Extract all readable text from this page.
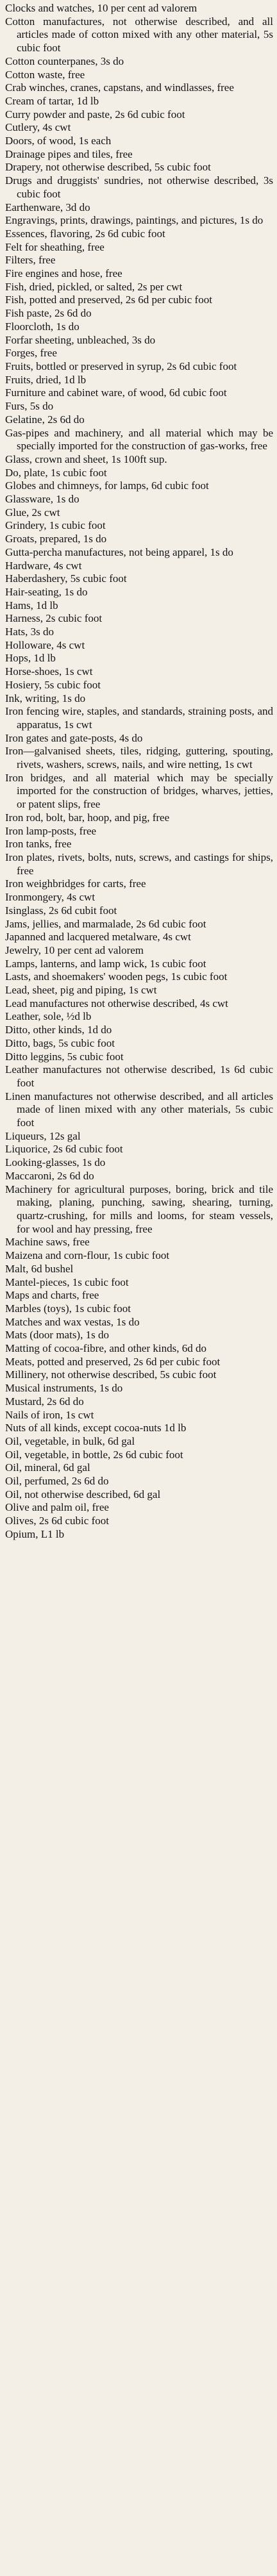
Clocks and watches, 10 per cent ad valorem

Cotton manufactures, not otherwise described, and all articles made of cotton mixed with any other material, 5s cubic foot

Cotton counterpanes, 3s do

Cotton waste, free

Crab winches, cranes, capstans, and windlasses, free

Cream of tartar, 1d lb

Curry powder and paste, 2s 6d cubic foot

Cutlery, 4s cwt

Doors, of wood, 1s each

Drainage pipes and tiles, free

Drapery, not otherwise described, 5s cubic foot

Drugs and druggists' sundries, not otherwise described, 3s cubic foot

Earthenware, 3d do

Engravings, prints, drawings, paintings, and pictures, 1s do

Essences, flavoring, 2s 6d cubic foot

Felt for sheathing, free

Filters, free

Fire engines and hose, free

Fish, dried, pickled, or salted, 2s per cwt

Fish, potted and preserved, 2s 6d per cubic foot

Fish paste, 2s 6d do

Floorcloth, 1s do

Forfar sheeting, unbleached, 3s do

Forges, free

Fruits, bottled or preserved in syrup, 2s 6d cubic foot

Fruits, dried, 1d lb

Furniture and cabinet ware, of wood, 6d cubic foot

Furs, 5s do

Gelatine, 2s 6d do

Gas-pipes and machinery, and all material which may be specially imported for the construction of gas-works, free

Glass, crown and sheet, 1s 100ft sup.

Do, plate, 1s cubic foot

Globes and chimneys, for lamps, 6d cubic foot

Glassware, 1s do

Glue, 2s cwt

Grindery, 1s cubic foot

Groats, prepared, 1s do

Gutta-percha manufactures, not being apparel, 1s do

Hardware, 4s cwt

Haberdashery, 5s cubic foot

Hair-seating, 1s do

Hams, 1d lb

Harness, 2s cubic foot

Hats, 3s do

Holloware, 4s cwt

Hops, 1d lb

Horse-shoes, 1s cwt

Hosiery, 5s cubic foot

Ink, writing, 1s do

Iron fencing wire, staples, and standards, straining posts, and apparatus, 1s cwt

Iron gates and gate-posts, 4s do

Iron—galvanised sheets, tiles, ridging, guttering, spouting, rivets, washers, screws, nails, and wire netting, 1s cwt

Iron bridges, and all material which may be specially imported for the construction of bridges, wharves, jetties, or patent slips, free

Iron rod, bolt, bar, hoop, and pig, free

Iron lamp-posts, free

Iron tanks, free

Iron plates, rivets, bolts, nuts, screws, and castings for ships, free

Iron weighbridges for carts, free

Ironmongery, 4s cwt

Isinglass, 2s 6d cubit foot

Jams, jellies, and marmalade, 2s 6d cubic foot

Japanned and lacquered metalware, 4s cwt

Jewelry, 10 per cent ad valorem

Lamps, lanterns, and lamp wick, 1s cubic foot

Lasts, and shoemakers' wooden pegs, 1s cubic foot

Lead, sheet, pig and piping, 1s cwt

Lead manufactures not otherwise described, 4s cwt

Leather, sole, ½d lb

Ditto, other kinds, 1d do

Ditto, bags, 5s cubic foot

Ditto leggins, 5s cubic foot

Leather manufactures not otherwise described, 1s 6d cubic foot

Linen manufactures not otherwise described, and all articles made of linen mixed with any other materials, 5s cubic foot

Liqueurs, 12s gal

Liquorice, 2s 6d cubic foot

Looking-glasses, 1s do

Maccaroni, 2s 6d do

Machinery for agricultural purposes, boring, brick and tile making, planing, punching, sawing, shearing, turning, quartz-crushing, for mills and looms, for steam vessels, for wool and hay pressing, free

Machine saws, free

Maizena and corn-flour, 1s cubic foot

Malt, 6d bushel

Mantel-pieces, 1s cubic foot

Maps and charts, free

Marbles (toys), 1s cubic foot

Matches and wax vestas, 1s do

Mats (door mats), 1s do

Matting of cocoa-fibre, and other kinds, 6d do

Meats, potted and preserved, 2s 6d per cubic foot

Millinery, not otherwise described, 5s cubic foot

Musical instruments, 1s do

Mustard, 2s 6d do

Nails of iron, 1s cwt

Nuts of all kinds, except cocoa-nuts 1d lb

Oil, vegetable, in bulk, 6d gal

Oil, vegetable, in bottle, 2s 6d cubic foot

Oil, mineral, 6d gal

Oil, perfumed, 2s 6d do

Oil, not otherwise described, 6d gal

Olive and palm oil, free

Olives, 2s 6d cubic foot

Opium, L1 lb
